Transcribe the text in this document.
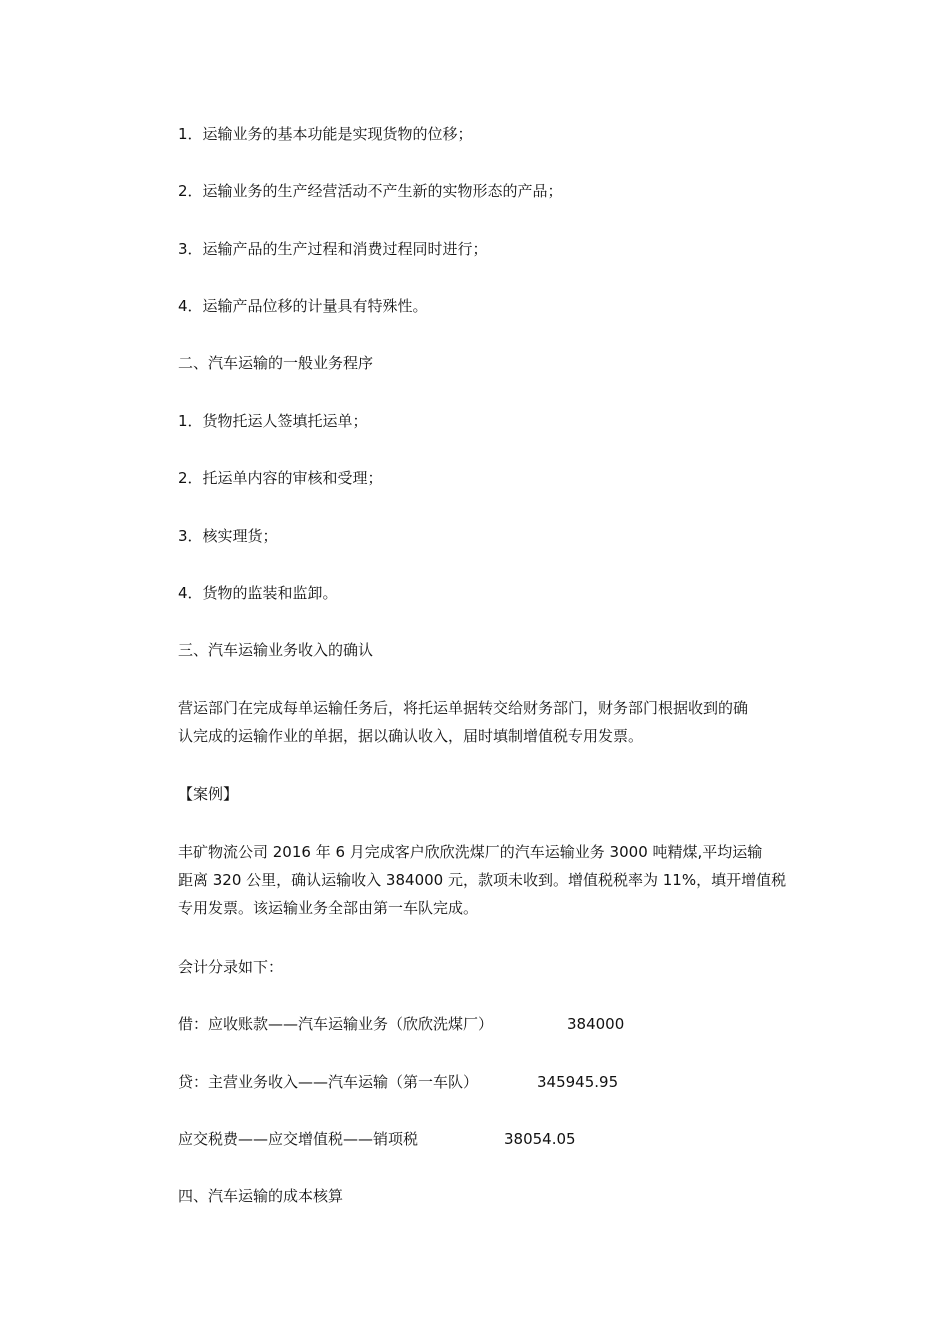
1．运输业务的基本功能是实现货物的位移；
2．运输业务的生产经营活动不产生新的实物形态的产品；
3．运输产品的生产过程和消费过程同时进行；
4．运输产品位移的计量具有特殊性。
二、汽车运输的一般业务程序
1．货物托运人签填托运单；
2．托运单内容的审核和受理；
3．核实理货；
4．货物的监装和监卸。
三、汽车运输业务收入的确认
营运部门在完成每单运输任务后，将托运单据转交给财务部门，财务部门根据收到的确
认完成的运输作业的单据，据以确认收入，届时填制增值税专用发票。
【案例】
丰矿物流公司 2016 年 6 月完成客户欣欣洗煤厂的汽车运输业务 3000 吨精煤,平均运输
距离 320 公里，确认运输收入 384000 元，款项未收到。增值税税率为 11%，填开增值税
专用发票。该运输业务全部由第一车队完成。
会计分录如下：
借：应收账款——汽车运输业务（欣欣洗煤厂）	384000
贷：主营业务收入——汽车运输（第一车队）	345945.95
应交税费——应交增值税——销项税	38054.05
四、汽车运输的成本核算
